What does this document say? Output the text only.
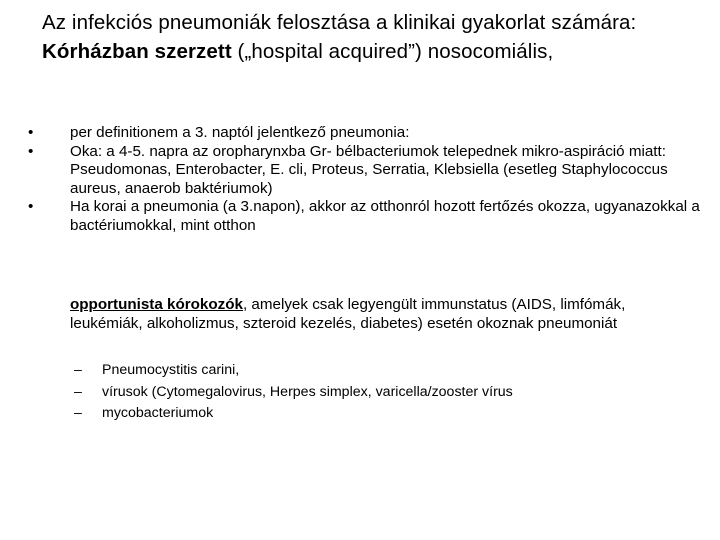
Az infekciós pneumoniák felosztása a klinikai gyakorlat számára: Kórházban szerzett („hospital acquired”) nosocomiális,
•	per definitionem a 3. naptól jelentkező pneumonia:
•	Oka: a 4-5. napra az oropharynxba Gr- bélbacteriumok telepednek mikro-aspiráció miatt: Pseudomonas, Enterobacter, E. cli, Proteus, Serratia, Klebsiella (esetleg Staphylococcus aureus, anaerob baktériumok)
•	Ha korai a pneumonia (a 3.napon), akkor az otthonról hozott fertőzés okozza, ugyanazokkal a bactériumokkal, mint otthon
opportunista kórokozók, amelyek csak legyengült immunstatus (AIDS, limfómák, leukémiák, alkoholizmus, szteroid kezelés, diabetes) esetén okoznak pneumoniát
– Pneumocystitis carini,
– vírusok (Cytomegalovirus, Herpes simplex, varicella/zooster vírus
– mycobacteriumok
